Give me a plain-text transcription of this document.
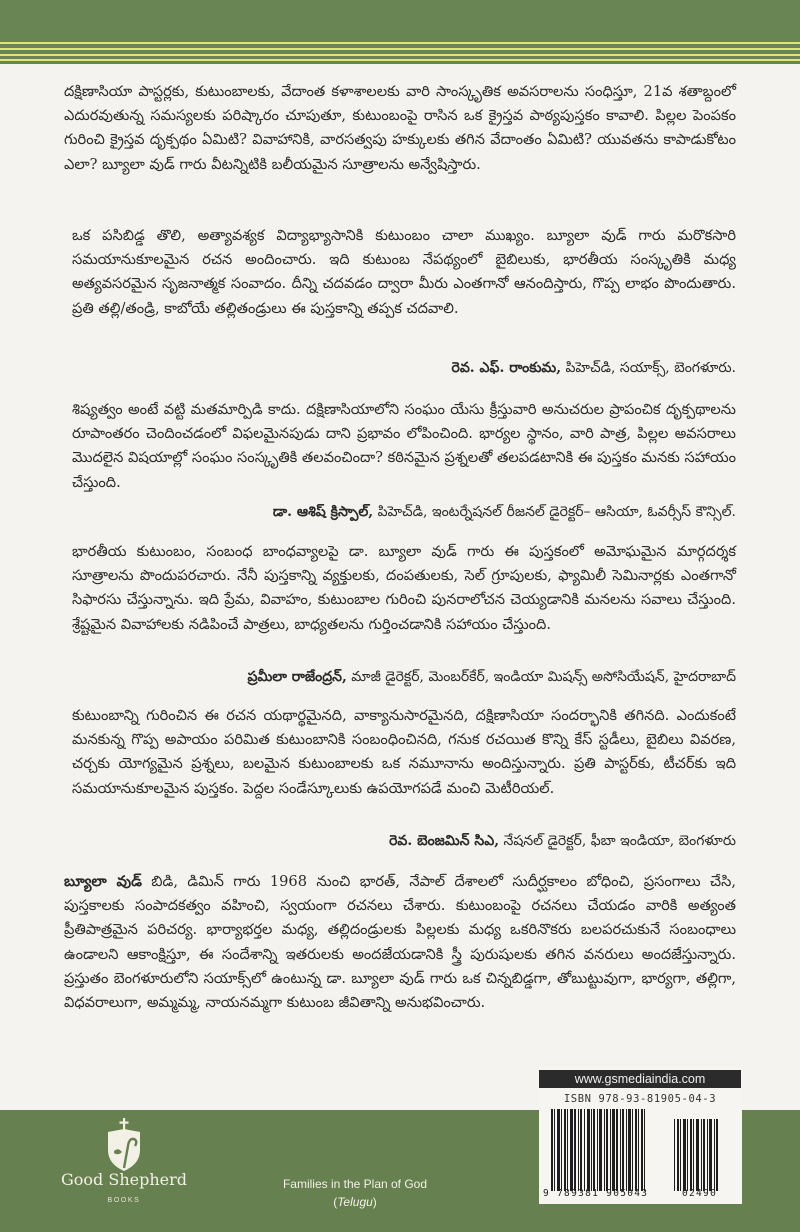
దక్షిణాసియా పాస్టర్లకు, కుటుంబాలకు, వేదాంత కళాశాలలకు వారి సాంస్కృతిక అవసరాలను సంధిస్తూ, 21వ శతాబ్దంలో ఎదురవుతున్న సమస్యలకు పరిష్కారం చూపుతూ, కుటుంబంపై రాసిన ఒక క్రైస్తవ పాఠ్యపుస్తకం కావాలి. పిల్లల పెంపకం గురించి క్రైస్తవ దృక్పథం ఏమిటి? వివాహానికి, వారసత్వపు హక్కులకు తగిన వేదాంతం ఏమిటి? యువతను కాపాడుకోటం ఎలా? బ్యూలా వుడ్ గారు వీటన్నిటికి బలీయమైన సూత్రాలను అన్వేషిస్తారు.

ఒక పసిబిడ్డ తొలి, అత్యావశ్యక విద్యాభ్యాసానికి కుటుంబం చాలా ముఖ్యం. బ్యూలా వుడ్ గారు మరొకసారి సమయానుకూలమైన రచన అందించారు. ఇది కుటుంబ నేపథ్యంలో బైబిలుకు, భారతీయ సంస్కృతికి మధ్య అత్యవసరమైన సృజనాత్మక సంవాదం. దీన్ని చదవడం ద్వారా మీరు ఎంతగానో ఆనందిస్తారు, గొప్ప లాభం పొందుతారు. ప్రతి తల్లి/తండ్రి, కాబోయే తల్లితండ్రులు ఈ పుస్తకాన్ని తప్పక చదవాలి.

రెవ. ఎఫ్. రాంకుమ, పిహెచ్‌డి, సయాక్స్, బెంగళూరు.

శిష్యత్వం అంటే వట్టి మతమార్పిడి కాదు. దక్షిణాసియాలోని సంఘం యేసు క్రీస్తువారి అనుచరుల ప్రాపంచిక దృక్పథాలను రూపాంతరం చెందించడంలో విఫలమైనపుడు దాని ప్రభావం లోపించింది. భార్యల స్థానం, వారి పాత్ర, పిల్లల అవసరాలు మొదలైన విషయాల్లో సంఘం సంస్కృతికి తలవంచిందా? కఠినమైన ప్రశ్నలతో తలపడటానికి ఈ పుస్తకం మనకు సహాయం చేస్తుంది.

డా. ఆశిష్ క్రిస్పాల్, పిహెచ్‌డి, ఇంటర్నేషనల్ రీజనల్ డైరెక్టర్– ఆసియా, ఓవర్సీస్ కౌన్సిల్.

భారతీయ కుటుంబం, సంబంధ బాంధవ్యాలపై డా. బ్యూలా వుడ్ గారు ఈ పుస్తకంలో అమోఘమైన మార్గదర్శక సూత్రాలను పొందుపరచారు. నేనీ పుస్తకాన్ని వ్యక్తులకు, దంపతులకు, సెల్ గ్రూపులకు, ఫ్యామిలీ సెమినార్లకు ఎంతగానో సిఫారసు చేస్తున్నాను. ఇది ప్రేమ, వివాహం, కుటుంబాల గురించి పునరాలోచన చెయ్యడానికి మనలను సవాలు చేస్తుంది. శ్రేష్టమైన వివాహాలకు నడిపించే పాత్రలు, బాధ్యతలను గుర్తించడానికి సహాయం చేస్తుంది.

ప్రమీలా రాజేంద్రన్, మాజీ డైరెక్టర్, మెంబర్‌కేర్, ఇండియా మిషన్స్ అసోసియేషన్, హైదరాబాద్

కుటుంబాన్ని గురించిన ఈ రచన యథార్థమైనది, వాక్యానుసారమైనది, దక్షిణాసియా సందర్భానికి తగినది. ఎందుకంటే మనకున్న గొప్ప అపాయం పరిమిత కుటుంబానికి సంబంధించినది, గనుక రచయిత కొన్ని కేస్ స్టడీలు, బైబిలు వివరణ, చర్చకు యోగ్యమైన ప్రశ్నలు, బలమైన కుటుంబాలకు ఒక నమూనాను అందిస్తున్నారు. ప్రతి పాస్టర్‌కు, టీచర్‌కు ఇది సమయానుకూలమైన పుస్తకం. పెద్దల సండేస్కూలుకు ఉపయోగపడే మంచి మెటీరియల్.

రెవ. బెంజమిన్ సిఎ, నేషనల్ డైరెక్టర్, ఫీబా ఇండియా, బెంగళూరు

బ్యూలా వుడ్ బిడి, డిమిన్ గారు 1968 నుంచి భారత్, నేపాల్ దేశాలలో సుదీర్ఘకాలం బోధించి, ప్రసంగాలు చేసి, పుస్తకాలకు సంపాదకత్వం వహించి, స్వయంగా రచనలు చేశారు. కుటుంబంపై రచనలు చేయడం వారికి అత్యంత ప్రీతిపాత్రమైన పరిచర్య. భార్యాభర్తల మధ్య, తల్లిదండ్రులకు పిల్లలకు మధ్య ఒకరినొకరు బలపరచుకునే సంబంధాలు ఉండాలని ఆకాంక్షిస్తూ, ఈ సందేశాన్ని ఇతరులకు అందజేయడానికి స్త్రీ పురుషులకు తగిన వనరులు అందజేస్తున్నారు. ప్రస్తుతం బెంగళూరులోని సయాక్స్‌లో ఉంటున్న డా. బ్యూలా వుడ్ గారు ఒక చిన్నబిడ్డగా, తోబుట్టువుగా, భార్యగా, తల్లిగా, విధవరాలుగా, అమ్మమ్మ, నాయనమ్మగా కుటుంబ జీవితాన్ని అనుభవించారు.

Good Shepherd
BOOKS
Families in the Plan of God
(Telugu)
www.gsmediaindia.com
ISBN 978-93-81905-04-3
9 789381 905043	02490
